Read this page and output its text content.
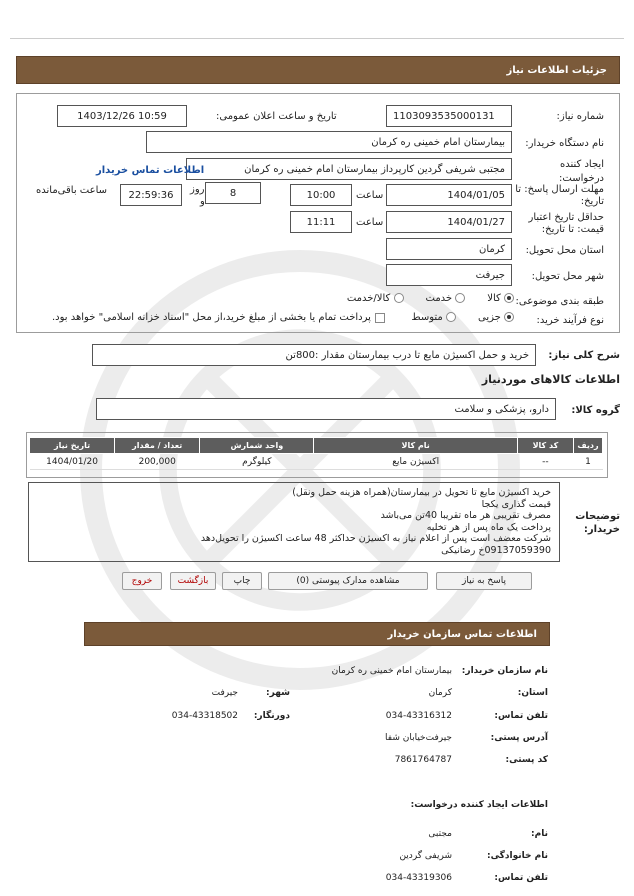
جزئیات اطلاعات نیاز
شماره نیاز:
1103093535000131
تاریخ و ساعت اعلان عمومی:
1403/12/26 10:59
نام دستگاه خریدار:
بیمارستان امام خمینی ره کرمان
ایجاد کننده درخواست:
مجتبی شریفی گردین کارپرداز بیمارستان امام خمینی ره کرمان
اطلاعات تماس خریدار
مهلت ارسال پاسخ: تا تاریخ:
1404/01/05
ساعت
10:00
روز
و
8
22:59:36
ساعت باقی‌مانده
حداقل تاریخ اعتبار قیمت: تا تاریخ:
1404/01/27
ساعت
11:11
استان محل تحویل:
کرمان
شهر محل تحویل:
جیرفت
طبقه بندی موضوعی:
کالا
خدمت
کالا/خدمت
نوع فرآیند خرید:
جزیی
متوسط
پرداخت تمام یا بخشی از مبلغ خرید،از محل "اسناد خزانه اسلامی" خواهد بود.
شرح کلی نیاز:
خرید و حمل اکسیژن مایع تا درب بیمارستان مقدار :800تن
اطلاعات کالاهای موردنیاز
گروه کالا:
دارو، پزشکی و سلامت
ردیف	کد کالا	نام کالا	واحد شمارش	تعداد / مقدار	تاریخ نیاز
1	--	اکسیژن مایع	کیلوگرم	200,000	1404/01/20
توضیحات خریدار:
خرید اکسیژن مایع تا تحویل در بیمارستان(همراه هزینه حمل ونقل)
قیمت گذاری یکجا
مصرف تقریبی هر ماه تقریبا 40تن می‌باشد
پرداخت یک ماه پس از هر تخلیه
شرکت معضف است پس از اعلام نیاز به اکسیژن حداکثر 48 ساعت اکسیژن را تحویل‌دهد
09137059390خ رضانیکی
پاسخ به نیاز
مشاهده مدارک پیوستی (0)
چاپ
بازگشت
خروج
اطلاعات تماس سازمان خریدار
نام سازمان خریدار:
بیمارستان امام خمینی ره کرمان
استان:
کرمان
شهر:
جیرفت
تلفن تماس:
034-43316312
دورنگار:
034-43318502
آدرس پستی:
جیرفت‌خیابان شفا
کد پستی:
7861764787
اطلاعات ایجاد کننده درخواست:
نام:
مجتبی
نام خانوادگی:
شریفی گردین
تلفن تماس:
034-43319306
